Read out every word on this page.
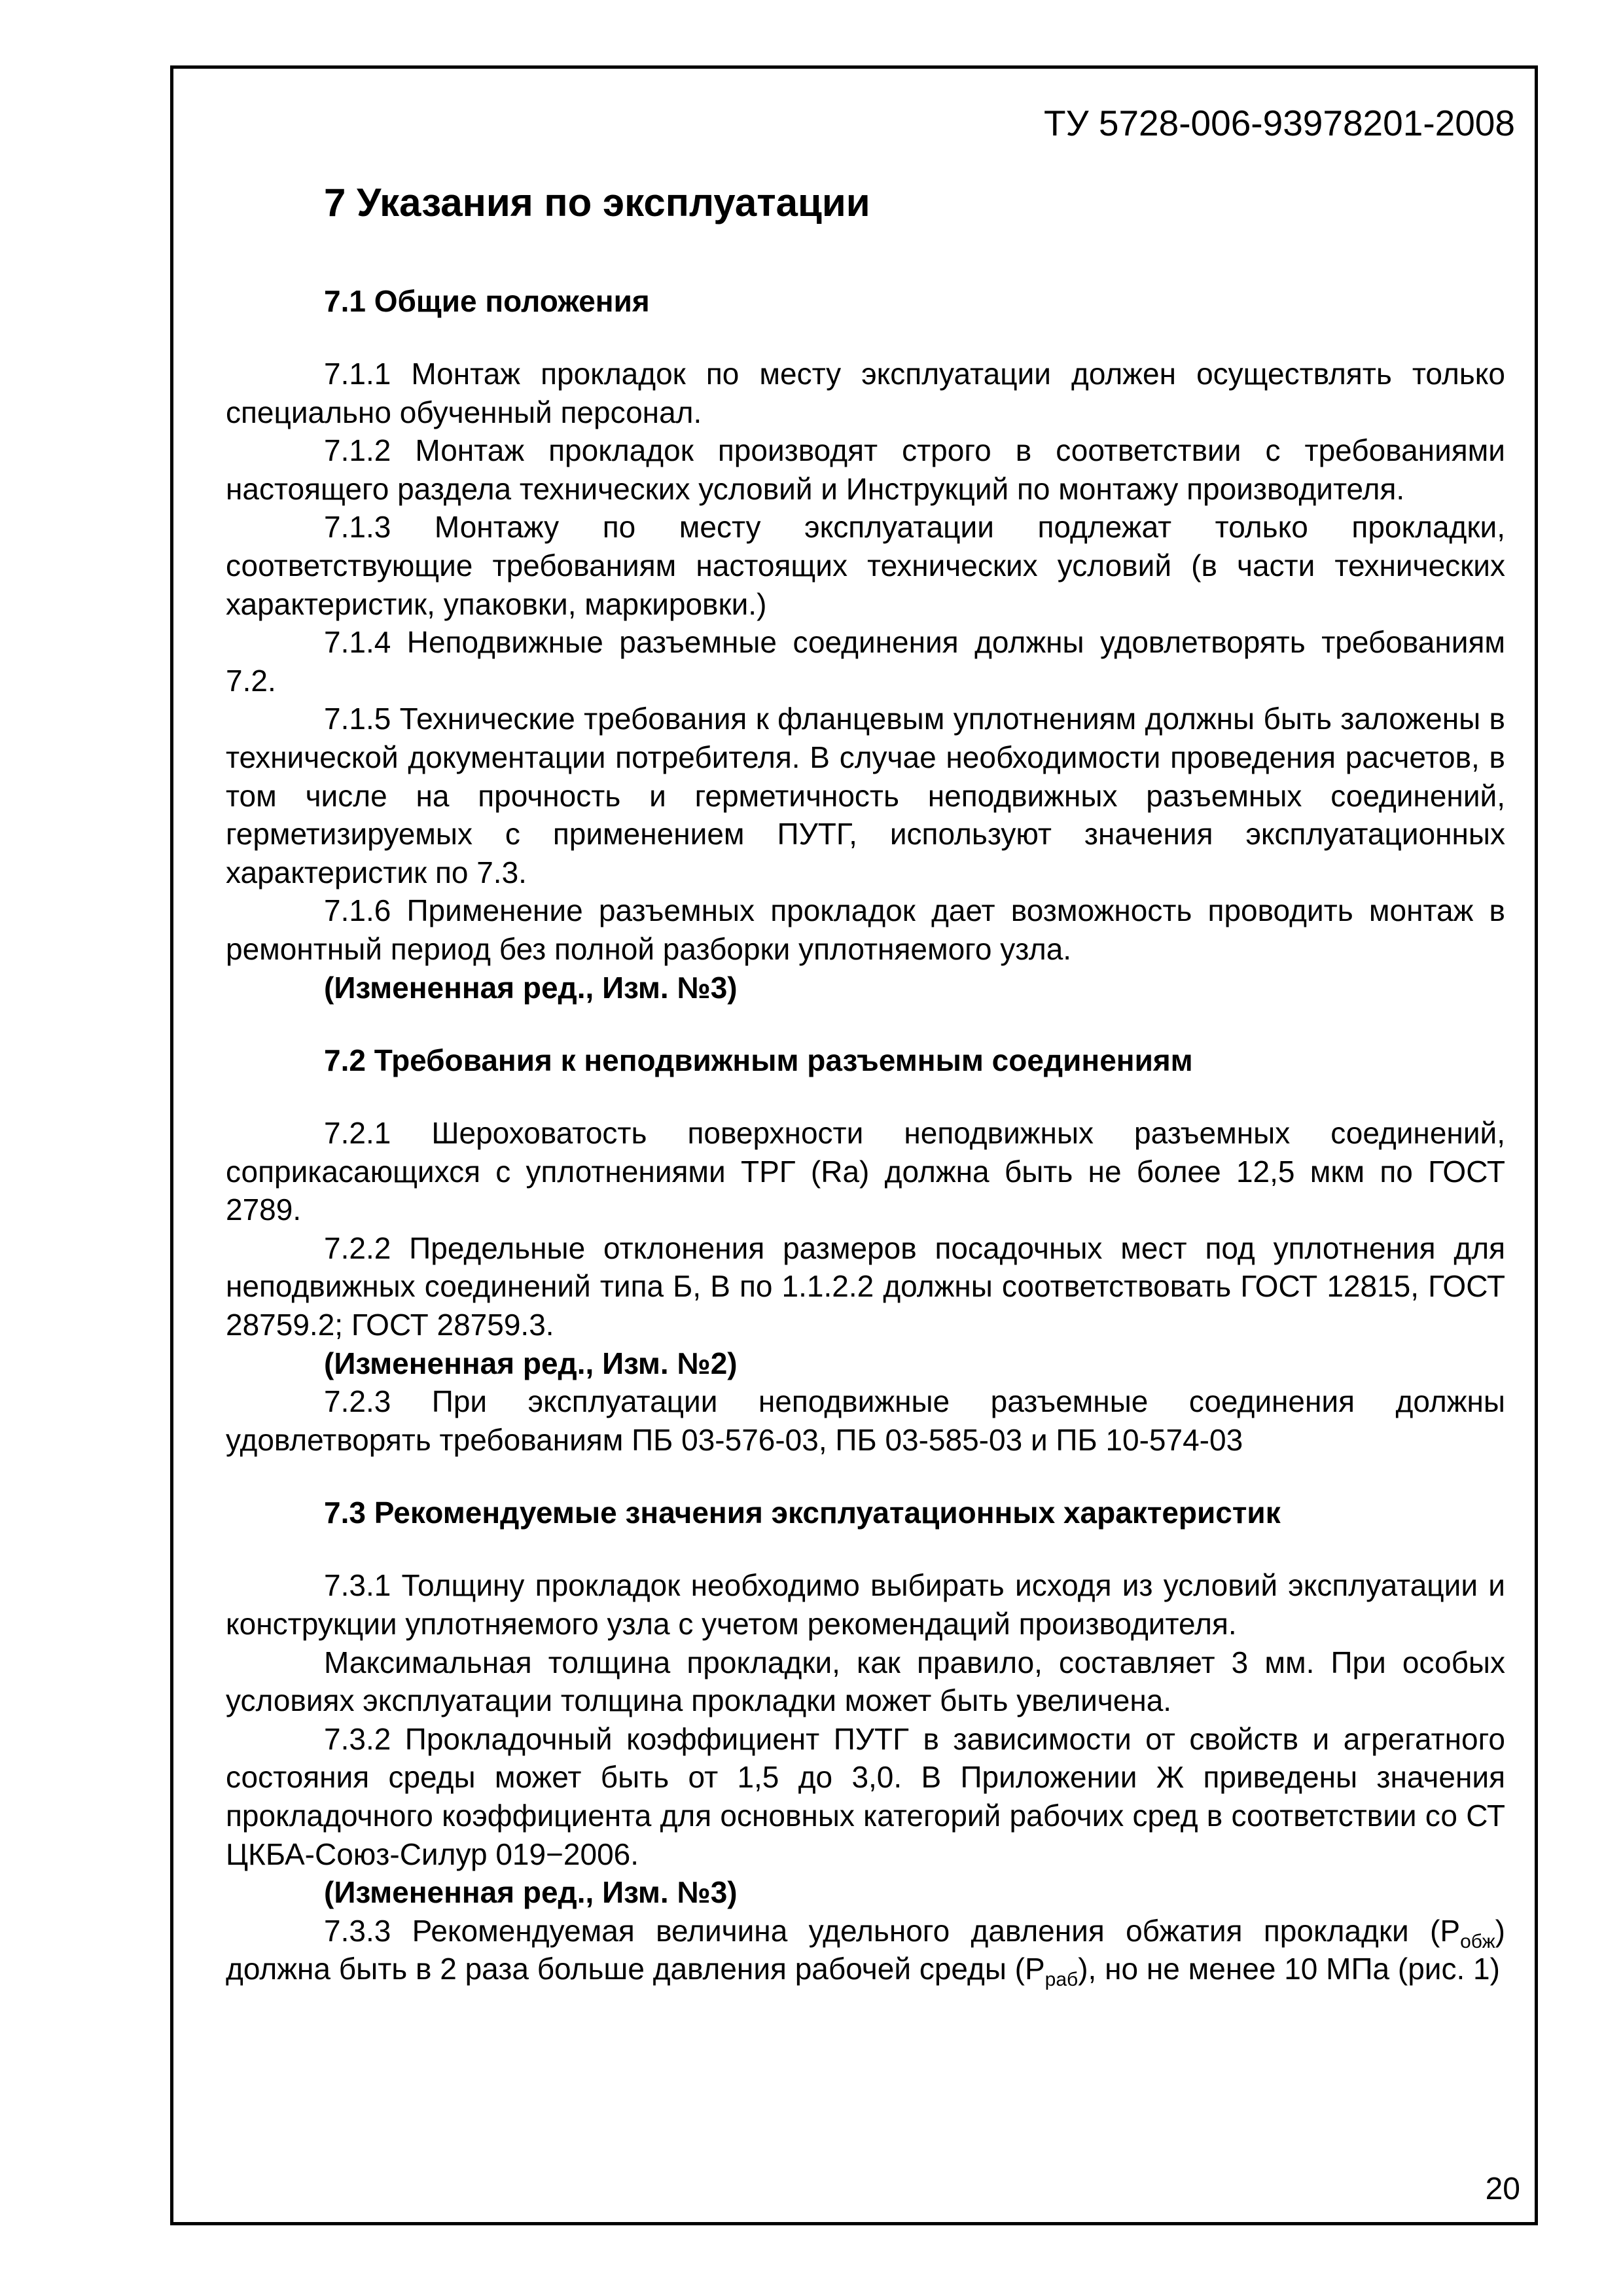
ТУ 5728-006-93978201-2008
7 Указания по эксплуатации
7.1 Общие положения

7.1.1 Монтаж прокладок по месту эксплуатации должен осуществлять только специально обученный персонал.

7.1.2 Монтаж прокладок производят строго в соответствии с требованиями настоящего раздела технических условий и Инструкций по монтажу производителя.

7.1.3 Монтажу по месту эксплуатации подлежат только прокладки, соответствующие требованиям настоящих технических условий (в части технических характеристик, упаковки, маркировки.)

7.1.4 Неподвижные разъемные соединения должны удовлетворять требованиям 7.2.

7.1.5 Технические требования к фланцевым уплотнениям должны быть заложены в технической документации потребителя. В случае необходимости проведения расчетов, в том числе на прочность и герметичность неподвижных разъемных соединений, герметизируемых с применением ПУТГ, используют значения эксплуатационных характеристик по 7.3.

7.1.6 Применение разъемных прокладок дает возможность проводить монтаж в ремонтный период без полной разборки уплотняемого узла.

(Измененная ред., Изм. №3)

7.2 Требования к неподвижным разъемным соединениям

7.2.1 Шероховатость поверхности неподвижных разъемных соединений, соприкасающихся с уплотнениями ТРГ (Ra) должна быть не более 12,5 мкм по ГОСТ 2789.

7.2.2 Предельные отклонения размеров посадочных мест под уплотнения для неподвижных соединений типа Б, В по 1.1.2.2 должны соответствовать ГОСТ 12815, ГОСТ 28759.2; ГОСТ 28759.3.

(Измененная ред., Изм. №2)

7.2.3 При эксплуатации неподвижные разъемные соединения должны удовлетворять требованиям ПБ 03-576-03, ПБ 03-585-03 и ПБ 10-574-03

7.3 Рекомендуемые значения эксплуатационных характеристик

7.3.1 Толщину прокладок необходимо выбирать исходя из условий эксплуатации и конструкции уплотняемого узла с учетом рекомендаций производителя.

Максимальная толщина прокладки, как правило, составляет 3 мм. При особых условиях эксплуатации толщина прокладки может быть увеличена.

7.3.2 Прокладочный коэффициент ПУТГ в зависимости от свойств и агрегатного состояния среды может быть от 1,5 до 3,0. В Приложении Ж приведены значения прокладочного коэффициента для основных категорий рабочих сред в соответствии со СТ ЦКБА-Союз-Силур 019−2006.

(Измененная ред., Изм. №3)

7.3.3 Рекомендуемая величина удельного давления обжатия прокладки $(P_{обж})$ должна быть в 2 раза больше давления рабочей среды $(P_{раб})$, но не менее 10 МПа (рис. 1)

20
